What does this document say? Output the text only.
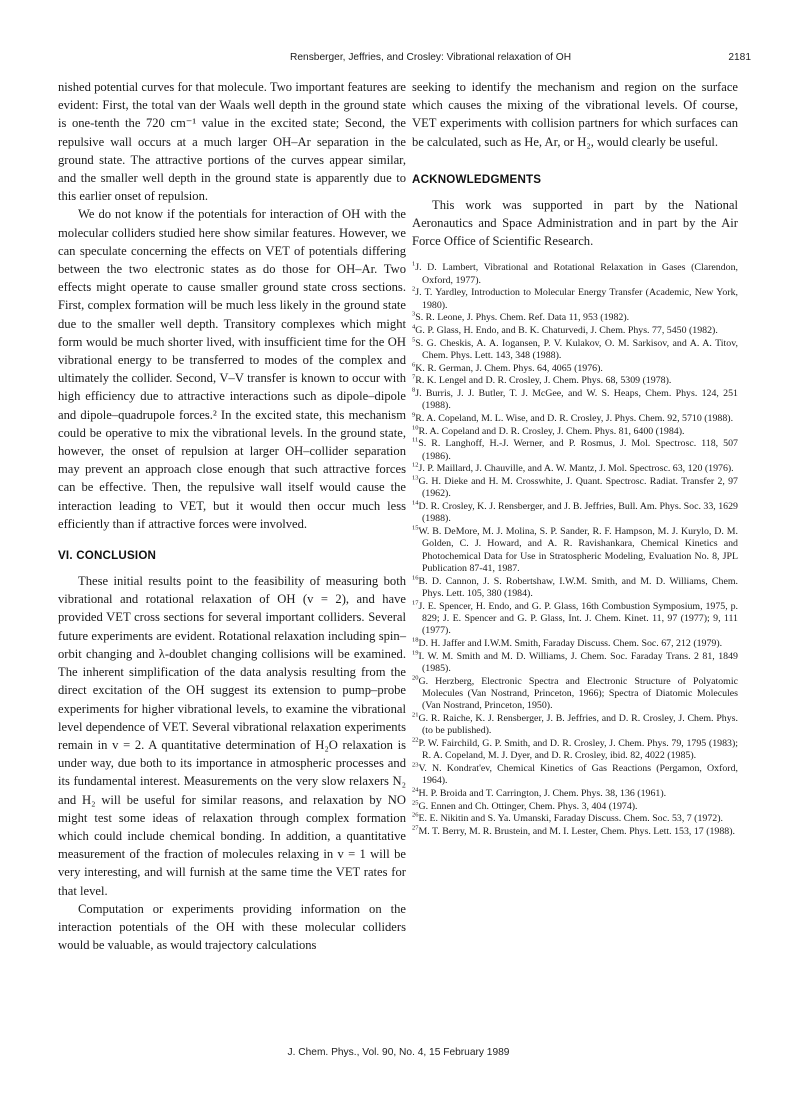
Rensberger, Jeffries, and Crosley: Vibrational relaxation of OH	2181

nished potential curves for that molecule. Two important features are evident: First, the total van der Waals well depth in the ground state is one-tenth the 720 cm⁻¹ value in the excited state; Second, the repulsive wall occurs at a much larger OH–Ar separation in the ground state. The attractive portions of the curves appear similar, and the smaller well depth in the ground state is apparently due to this earlier onset of repulsion.

We do not know if the potentials for interaction of OH with the molecular colliders studied here show similar features. However, we can speculate concerning the effects on VET of potentials differing between the two electronic states as do those for OH–Ar. Two effects might operate to cause smaller ground state cross sections. First, complex formation will be much less likely in the ground state due to the smaller well depth. Transitory complexes which might form would be much shorter lived, with insufficient time for the OH vibrational energy to be transferred to modes of the complex and ultimately the collider. Second, V–V transfer is known to occur with high efficiency due to attractive interactions such as dipole–dipole and dipole–quadrupole forces.² In the excited state, this mechanism could be operative to mix the vibrational levels. In the ground state, however, the onset of repulsion at larger OH–collider separation may prevent an approach close enough that such attractive forces can be effective. Then, the repulsive wall itself would cause the interaction leading to VET, but it would then occur much less efficiently than if attractive forces were involved.

VI. CONCLUSION

These initial results point to the feasibility of measuring both vibrational and rotational relaxation of OH (v = 2), and have provided VET cross sections for several important colliders. Several future experiments are evident. Rotational relaxation including spin–orbit changing and λ-doublet changing collisions will be examined. The inherent simplification of the data analysis resulting from the direct excitation of the OH suggest its extension to pump–probe experiments for higher vibrational levels, to examine the vibrational level dependence of VET. Several vibrational relaxation experiments remain in v = 2. A quantitative determination of H₂O relaxation is under way, due both to its importance in atmospheric processes and its fundamental interest. Measurements on the very slow relaxers N₂ and H₂ will be useful for similar reasons, and relaxation by NO might test some ideas of relaxation through complex formation which could include chemical bonding. In addition, a quantitative measurement of the fraction of molecules relaxing in v = 1 will be very interesting, and will furnish at the same time the VET rates for that level.

Computation or experiments providing information on the interaction potentials of the OH with these molecular colliders would be valuable, as would trajectory calculations

seeking to identify the mechanism and region on the surface which causes the mixing of the vibrational levels. Of course, VET experiments with collision partners for which surfaces can be calculated, such as He, Ar, or H₂, would clearly be useful.

ACKNOWLEDGMENTS

This work was supported in part by the National Aeronautics and Space Administration and in part by the Air Force Office of Scientific Research.

$^1$J. D. Lambert, Vibrational and Rotational Relaxation in Gases (Clarendon, Oxford, 1977).
$^2$J. T. Yardley, Introduction to Molecular Energy Transfer (Academic, New York, 1980).
$^3$S. R. Leone, J. Phys. Chem. Ref. Data 11, 953 (1982).
$^4$G. P. Glass, H. Endo, and B. K. Chaturvedi, J. Chem. Phys. 77, 5450 (1982).
$^5$S. G. Cheskis, A. A. Iogansen, P. V. Kulakov, O. M. Sarkisov, and A. A. Titov, Chem. Phys. Lett. 143, 348 (1988).
$^6$K. R. German, J. Chem. Phys. 64, 4065 (1976).
$^7$R. K. Lengel and D. R. Crosley, J. Chem. Phys. 68, 5309 (1978).
$^8$J. Burris, J. J. Butler, T. J. McGee, and W. S. Heaps, Chem. Phys. 124, 251 (1988).
$^9$R. A. Copeland, M. L. Wise, and D. R. Crosley, J. Phys. Chem. 92, 5710 (1988).
$^{10}$R. A. Copeland and D. R. Crosley, J. Chem. Phys. 81, 6400 (1984).
$^{11}$S. R. Langhoff, H.-J. Werner, and P. Rosmus, J. Mol. Spectrosc. 118, 507 (1986).
$^{12}$J. P. Maillard, J. Chauville, and A. W. Mantz, J. Mol. Spectrosc. 63, 120 (1976).
$^{13}$G. H. Dieke and H. M. Crosswhite, J. Quant. Spectrosc. Radiat. Transfer 2, 97 (1962).
$^{14}$D. R. Crosley, K. J. Rensberger, and J. B. Jeffries, Bull. Am. Phys. Soc. 33, 1629 (1988).
$^{15}$W. B. DeMore, M. J. Molina, S. P. Sander, R. F. Hampson, M. J. Kurylo, D. M. Golden, C. J. Howard, and A. R. Ravishankara, Chemical Kinetics and Photochemical Data for Use in Stratospheric Modeling, Evaluation No. 8, JPL Publication 87-41, 1987.
$^{16}$B. D. Cannon, J. S. Robertshaw, I.W.M. Smith, and M. D. Williams, Chem. Phys. Lett. 105, 380 (1984).
$^{17}$J. E. Spencer, H. Endo, and G. P. Glass, 16th Combustion Symposium, 1975, p. 829; J. E. Spencer and G. P. Glass, Int. J. Chem. Kinet. 11, 97 (1977); 9, 111 (1977).
$^{18}$D. H. Jaffer and I.W.M. Smith, Faraday Discuss. Chem. Soc. 67, 212 (1979).
$^{19}$I. W. M. Smith and M. D. Williams, J. Chem. Soc. Faraday Trans. 2 81, 1849 (1985).
$^{20}$G. Herzberg, Electronic Spectra and Electronic Structure of Polyatomic Molecules (Van Nostrand, Princeton, 1966); Spectra of Diatomic Molecules (Van Nostrand, Princeton, 1950).
$^{21}$G. R. Raiche, K. J. Rensberger, J. B. Jeffries, and D. R. Crosley, J. Chem. Phys. (to be published).
$^{22}$P. W. Fairchild, G. P. Smith, and D. R. Crosley, J. Chem. Phys. 79, 1795 (1983); R. A. Copeland, M. J. Dyer, and D. R. Crosley, ibid. 82, 4022 (1985).
$^{23}$V. N. Kondrat'ev, Chemical Kinetics of Gas Reactions (Pergamon, Oxford, 1964).
$^{24}$H. P. Broida and T. Carrington, J. Chem. Phys. 38, 136 (1961).
$^{25}$G. Ennen and Ch. Ottinger, Chem. Phys. 3, 404 (1974).
$^{26}$E. E. Nikitin and S. Ya. Umanski, Faraday Discuss. Chem. Soc. 53, 7 (1972).
$^{27}$M. T. Berry, M. R. Brustein, and M. I. Lester, Chem. Phys. Lett. 153, 17 (1988).
J. Chem. Phys., Vol. 90, No. 4, 15 February 1989
